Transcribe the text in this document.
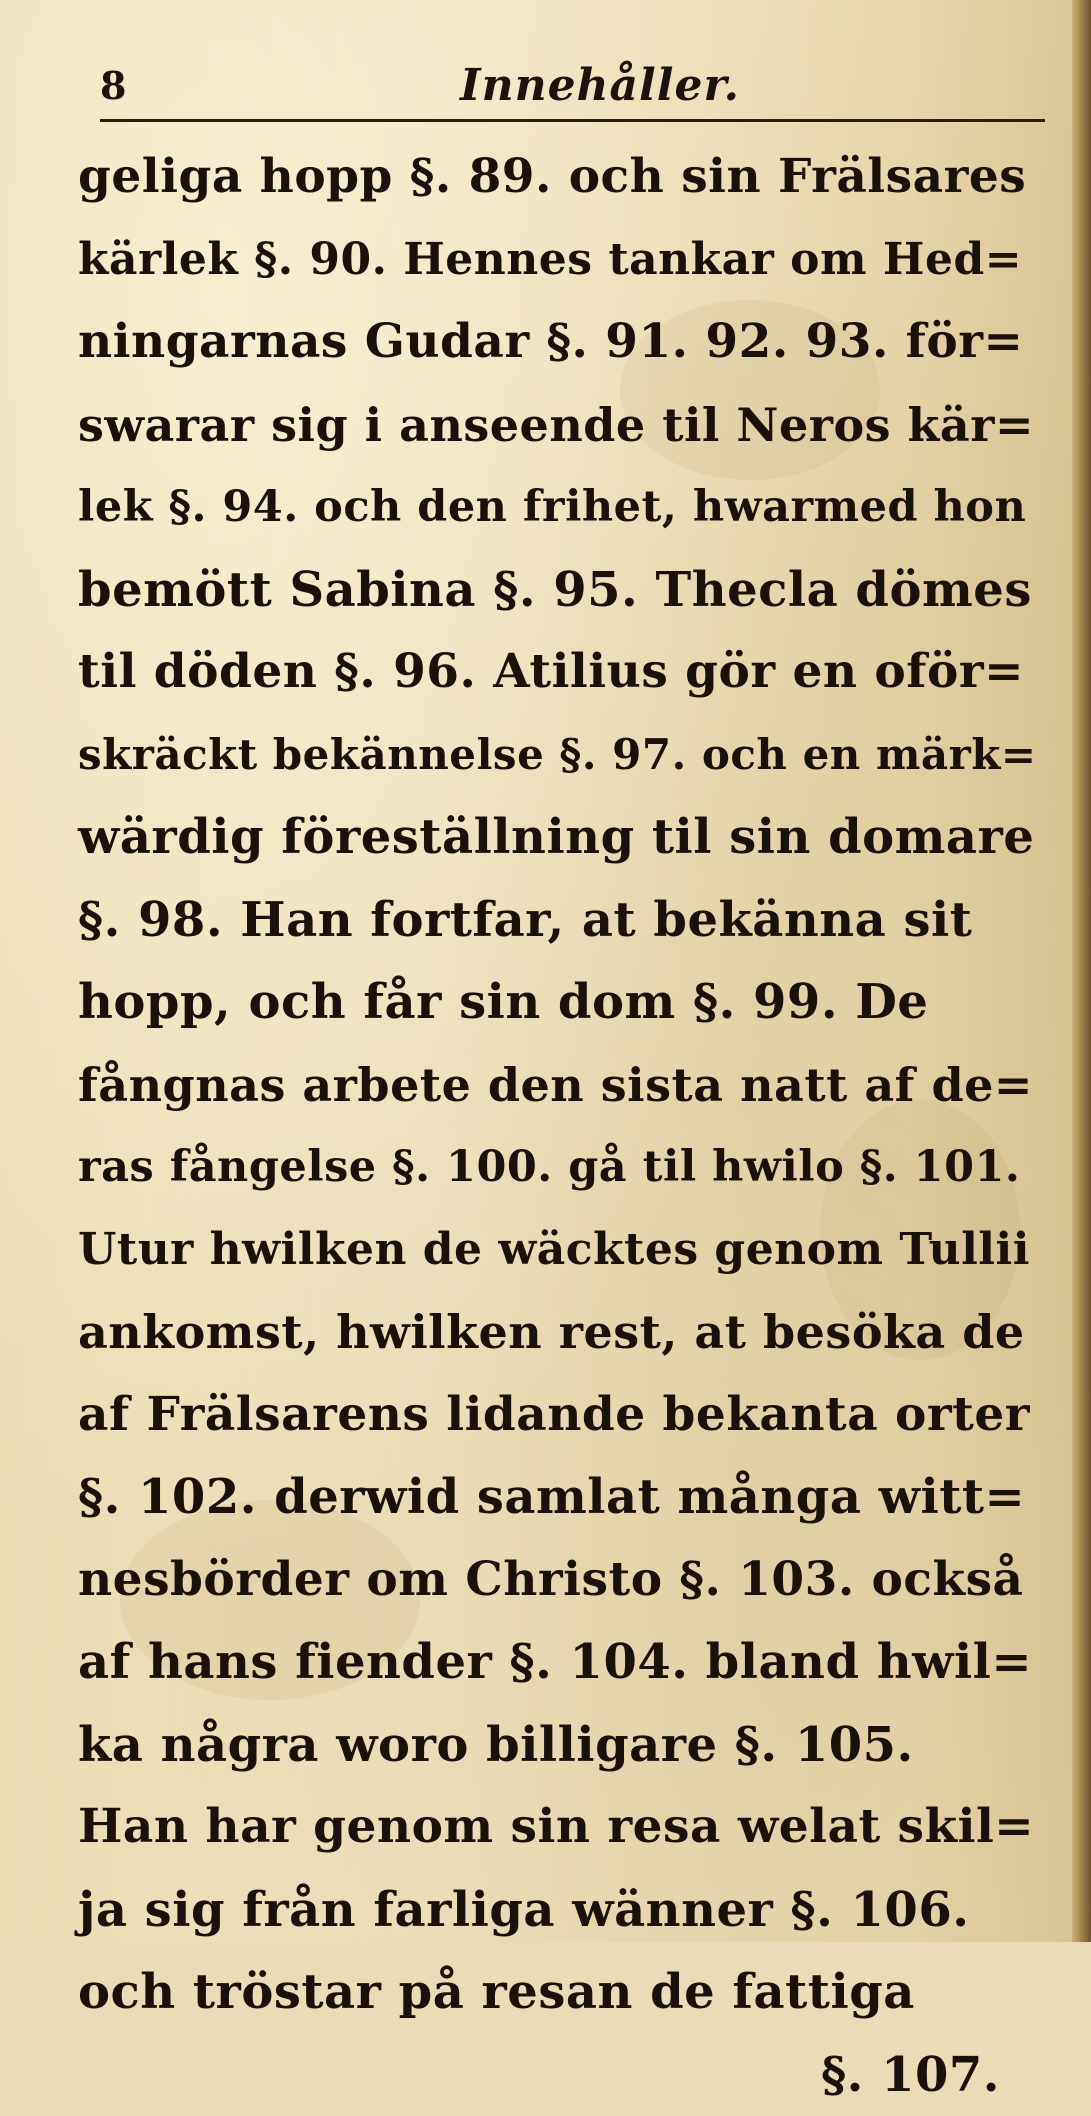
8	Innehåller.
geliga hopp §. 89. och sin Frälsares
kärlek §. 90. Hennes tankar om Hed=
ningarnas Gudar §. 91. 92. 93. för=
swarar sig i anseende til Neros kär=
lek §. 94. och den frihet, hwarmed hon
bemött Sabina §. 95. Thecla dömes
til döden §. 96. Atilius gör en oför=
skräckt bekännelse §. 97. och en märk=
wärdig föreställning til sin domare
§. 98. Han fortfar, at bekänna sit
hopp, och får sin dom §. 99. De
fångnas arbete den sista natt af de=
ras fångelse §. 100. gå til hwilo §. 101.
Utur hwilken de wäcktes genom Tullii
ankomst, hwilken rest, at besöka de
af Frälsarens lidande bekanta orter
§. 102. derwid samlat många witt=
nesbörder om Christo §. 103. också
af hans fiender §. 104. bland hwil=
ka några woro billigare §. 105.
Han har genom sin resa welat skil=
ja sig från farliga wänner §. 106.
och tröstar på resan de fattiga
§. 107.
